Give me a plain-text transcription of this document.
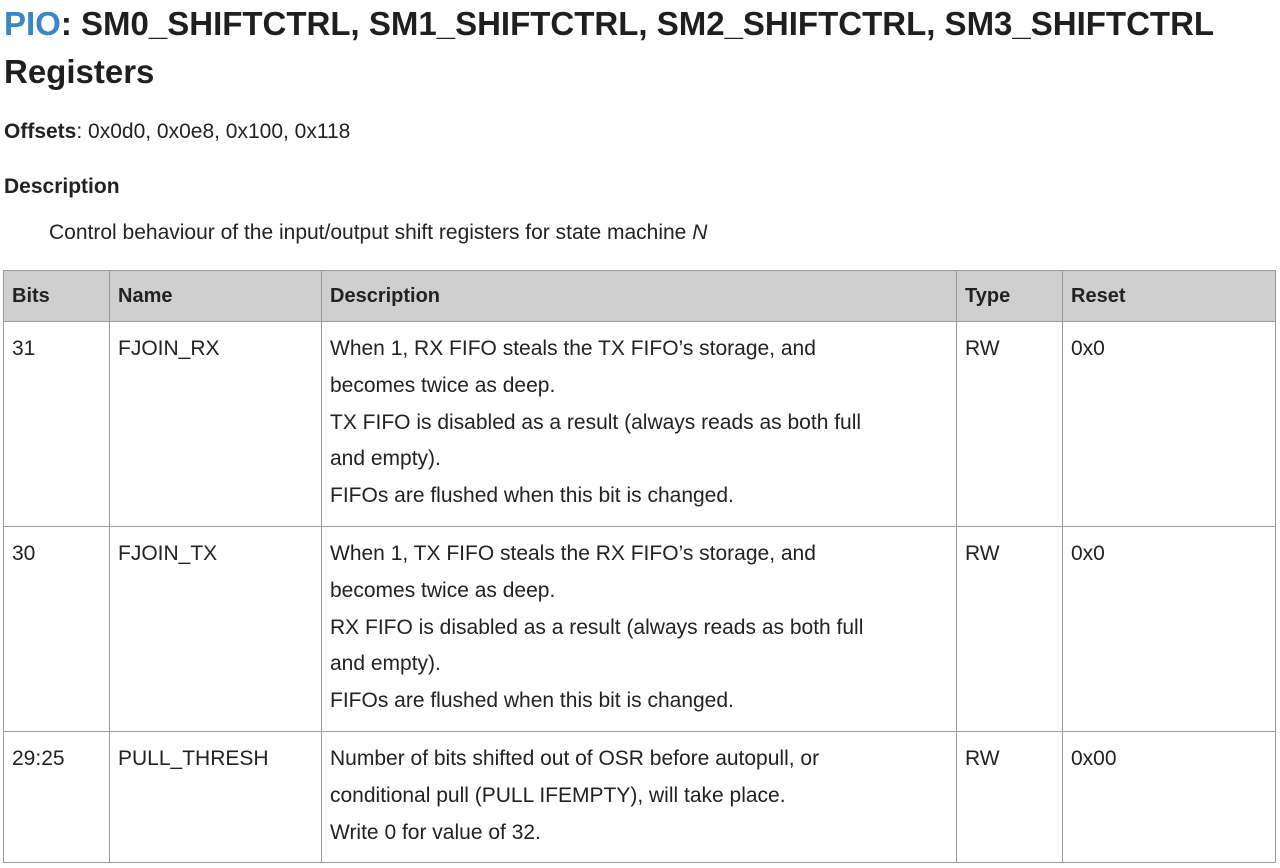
PIO: SM0_SHIFTCTRL, SM1_SHIFTCTRL, SM2_SHIFTCTRL, SM3_SHIFTCTRL Registers
Offsets: 0x0d0, 0x0e8, 0x100, 0x118
Description
Control behaviour of the input/output shift registers for state machine N
Bits	Name	Description	Type	Reset
31	FJOIN_RX	When 1, RX FIFO steals the TX FIFO’s storage, and
becomes twice as deep.
TX FIFO is disabled as a result (always reads as both full
and empty).
FIFOs are flushed when this bit is changed.	RW	0x0
30	FJOIN_TX	When 1, TX FIFO steals the RX FIFO’s storage, and
becomes twice as deep.
RX FIFO is disabled as a result (always reads as both full
and empty).
FIFOs are flushed when this bit is changed.	RW	0x0
29:25	PULL_THRESH	Number of bits shifted out of OSR before autopull, or
conditional pull (PULL IFEMPTY), will take place.
Write 0 for value of 32.	RW	0x00
